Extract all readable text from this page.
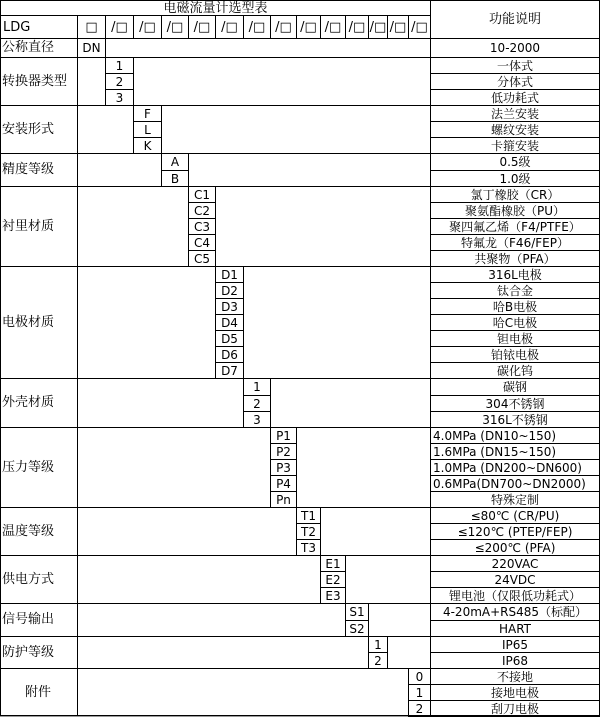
电磁流量计选型表
功能说明
LDG	□	/□ /□ /□ /□ /□ /□ /□ /□ /□ /□ /□ /□ /□
公称直径	DN	10-2000
转换器类型
1	一体式
2	分体式
3	低功耗式
安装形式
F	法兰安装
L	螺纹安装
K	卡箍安装
精度等级	A	0.5级
B	1.0级
衬里材质
C1	氯丁橡胶（CR）
C2	聚氨酯橡胶（PU）
C3	聚四氟乙烯（F4/PTFE）
C4	特氟龙（F46/FEP）
C5	共聚物（PFA）
电极材质
D1	316L电极
D2	钛合金
D3	哈B电极
D4	哈C电极
D5	钽电极
D6	铂铱电极
D7	碳化钨
外壳材质
1	碳钢
2	304不锈钢
3	316L不锈钢
压力等级
P1	4.0MPa (DN10~150)
P2	1.6MPa (DN15~150)
P3	1.0MPa (DN200~DN600)
P4	0.6MPa(DN700~DN2000)
Pn	特殊定制
温度等级
T1	≤80℃ (CR/PU)
T2	≤120℃ (PTEP/FEP)
T3	≤200℃ (PFA)
供电方式
E1	220VAC
E2	24VDC
E3	锂电池（仅限低功耗式）
信号输出	S1	4-20mA+RS485（标配）
S2	HART
防护等级	1	IP65
2	IP68
附件
0	不接地
1	接地电极
2	刮刀电极
